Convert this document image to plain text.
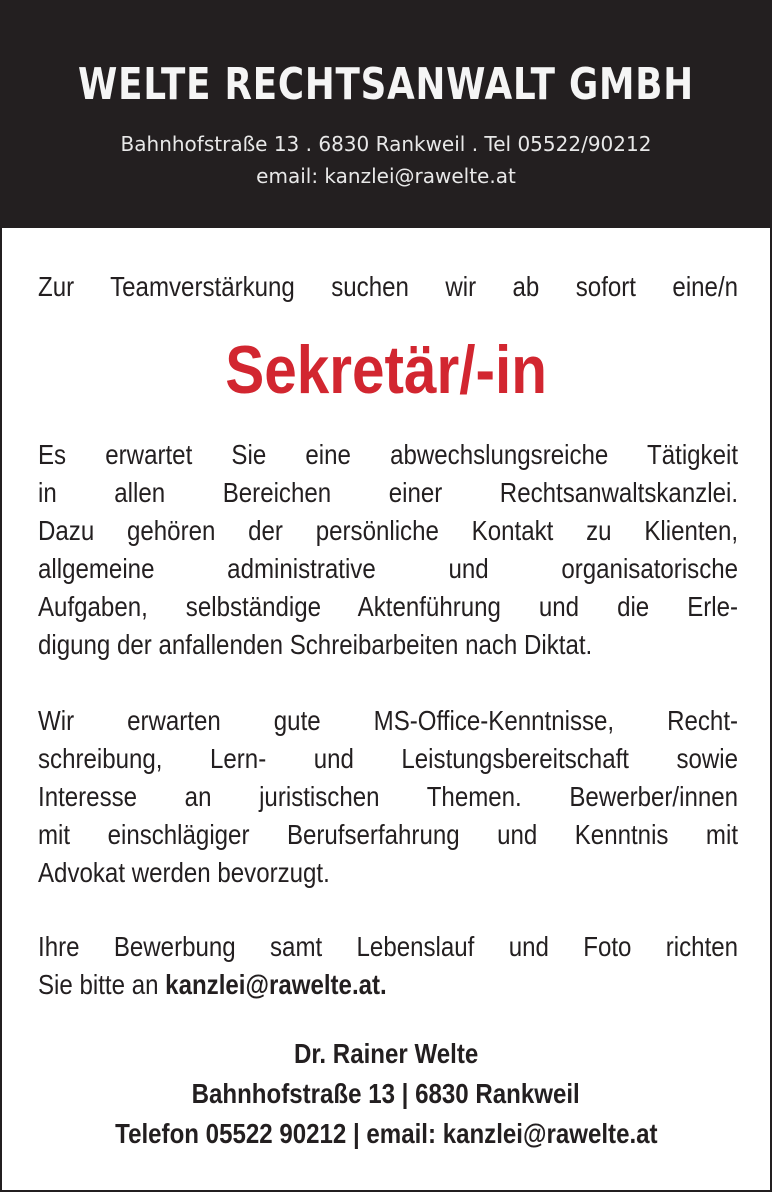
WELTE RECHTSANWALT GMBH
Bahnhofstraße 13 . 6830 Rankweil . Tel 05522/90212
email: kanzlei@rawelte.at
Zur Teamverstärkung suchen wir ab sofort eine/n
Sekretär/-in
Es erwartet Sie eine abwechslungsreiche Tätigkeit
in allen Bereichen einer Rechtsanwaltskanzlei.
Dazu gehören der persönliche Kontakt zu Klienten,
allgemeine administrative und organisatorische
Aufgaben, selbständige Aktenführung und die Erle-
digung der anfallenden Schreibarbeiten nach Diktat.
Wir erwarten gute MS-Office-Kenntnisse, Recht-
schreibung, Lern- und Leistungsbereitschaft sowie
Interesse an juristischen Themen. Bewerber/innen
mit einschlägiger Berufserfahrung und Kenntnis mit
Advokat werden bevorzugt.
Ihre Bewerbung samt Lebenslauf und Foto richten
Sie bitte an kanzlei@rawelte.at.
Dr. Rainer Welte
Bahnhofstraße 13 | 6830 Rankweil
Telefon 05522 90212 | email: kanzlei@rawelte.at
